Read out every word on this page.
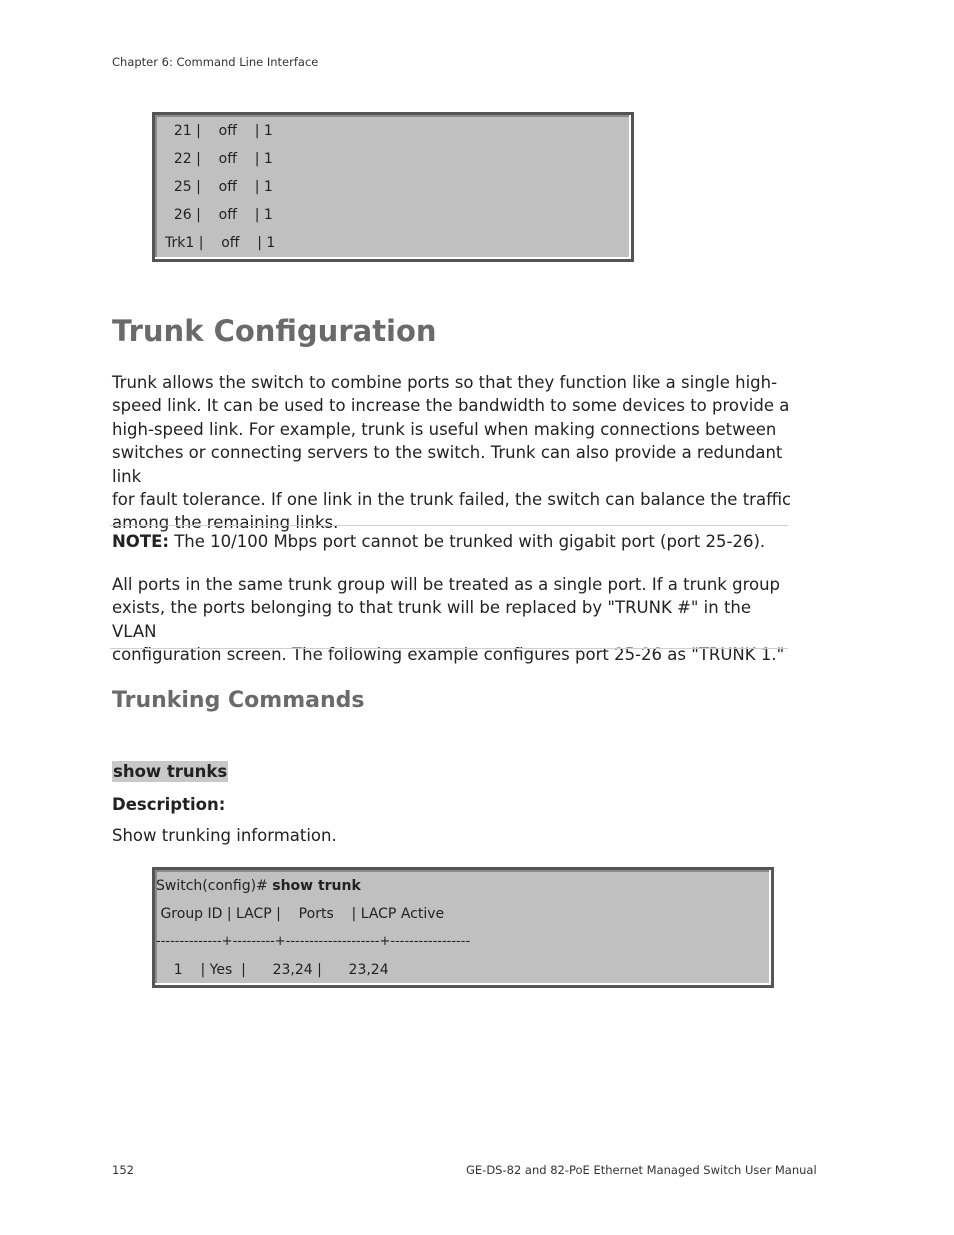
Chapter 6: Command Line Interface
21 |    off    | 1
22 |    off    | 1
25 |    off    | 1
26 |    off    | 1
Trk1 |    off    | 1
Trunk Configuration
Trunk allows the switch to combine ports so that they function like a single high-
speed link. It can be used to increase the bandwidth to some devices to provide a
high-speed link. For example, trunk is useful when making connections between
switches or connecting servers to the switch. Trunk can also provide a redundant link
for fault tolerance. If one link in the trunk failed, the switch can balance the traffic
among the remaining links.
NOTE: The 10/100 Mbps port cannot be trunked with gigabit port (port 25-26).
All ports in the same trunk group will be treated as a single port. If a trunk group
exists, the ports belonging to that trunk will be replaced by "TRUNK #" in the VLAN
configuration screen. The following example configures port 25-26 as "TRUNK 1."
Trunking Commands
show trunks
Description:
Show trunking information.
Switch(config)# show trunk
Group ID | LACP |    Ports    | LACP Active
--------------+---------+--------------------+-----------------
1    | Yes  |      23,24 |      23,24
152	GE-DS-82 and 82-PoE Ethernet Managed Switch User Manual
